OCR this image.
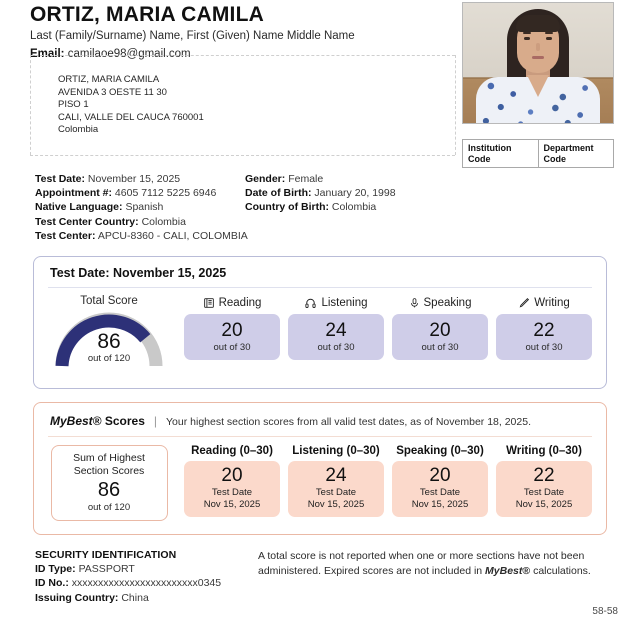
ORTIZ, MARIA CAMILA
Last (Family/Surname) Name, First (Given) Name Middle Name
Email: camilaoe98@gmail.com
ORTIZ, MARIA CAMILA
AVENIDA 3 OESTE 11 30
PISO 1
CALI, VALLE DEL CAUCA 760001
Colombia
Institution Code
Department Code
Test Date: November 15, 2025
Appointment #: 4605 7112 5225 6946
Native Language: Spanish
Test Center Country: Colombia
Test Center: APCU-8360 - CALI, COLOMBIA
Gender: Female
Date of Birth: January 20, 1998
Country of Birth: Colombia
Test Date: November 15, 2025
Total Score
86
out of 120
Reading
20
out of 30
Listening
24
out of 30
Speaking
20
out of 30
Writing
22
out of 30
MyBest® Scores | Your highest section scores from all valid test dates, as of November 18, 2025.
Sum of Highest Section Scores
86
out of 120
Reading (0–30)
20
Test Date
Nov 15, 2025
Listening (0–30)
24
Test Date
Nov 15, 2025
Speaking (0–30)
20
Test Date
Nov 15, 2025
Writing (0–30)
22
Test Date
Nov 15, 2025
SECURITY IDENTIFICATION
ID Type: PASSPORT
ID No.: xxxxxxxxxxxxxxxxxxxxxxxx0345
Issuing Country: China
A total score is not reported when one or more sections have not been administered. Expired scores are not included in MyBest® calculations.
58-58
